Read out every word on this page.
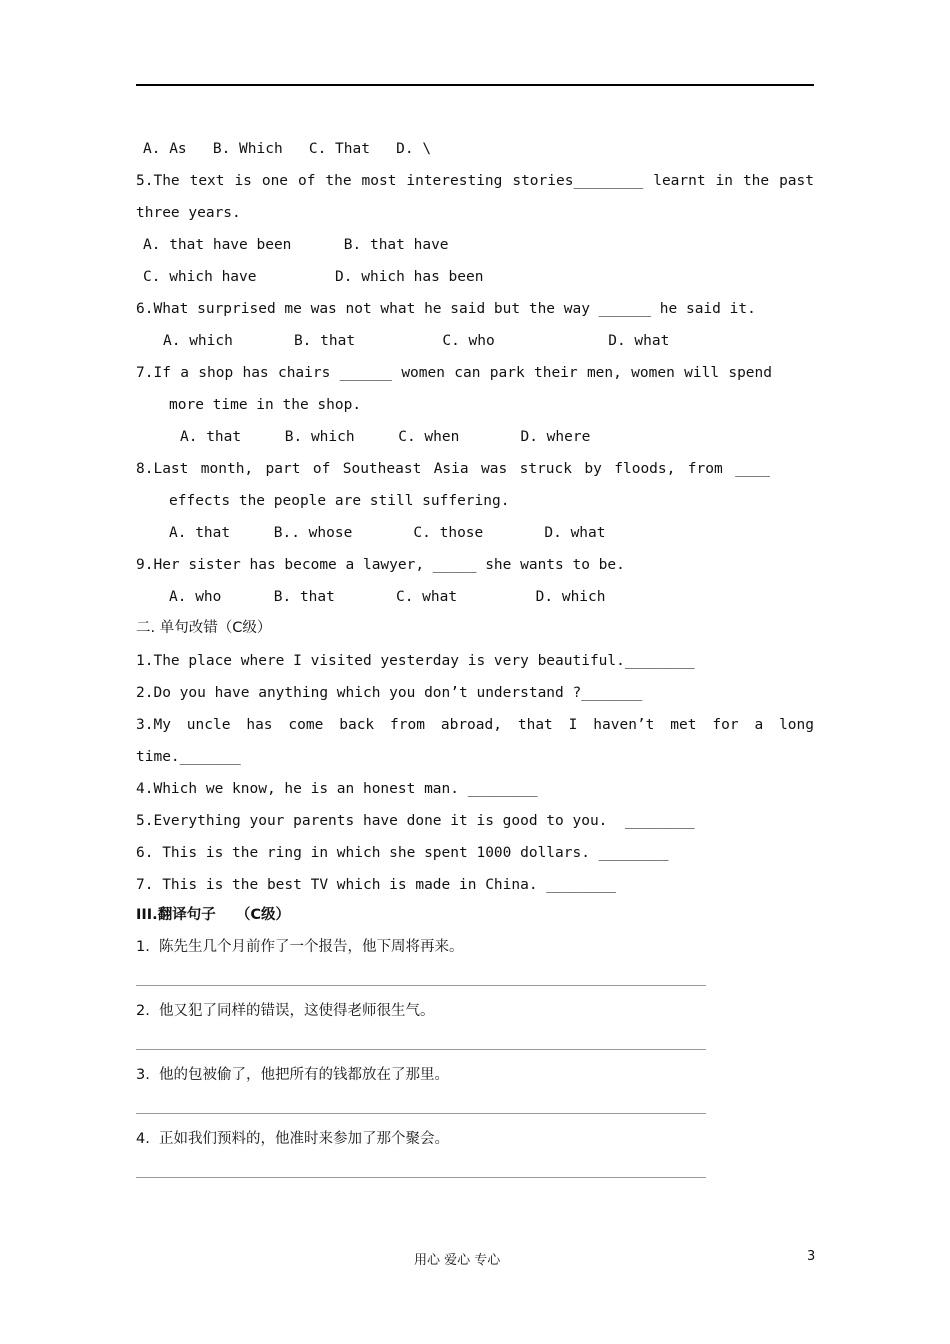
A. As   B. Which   C. That   D. \
5.The text is one of the most interesting stories________ learnt in the past
three years.
A. that have been      B. that have
C. which have         D. which has been
6.What surprised me was not what he said but the way ______ he said it.
A. which       B. that          C. who             D. what
7.If a shop has chairs ______ women can park their men, women will spend
more time in the shop.
A. that     B. which     C. when       D. where
8.Last month, part of Southeast Asia was struck by floods, from ____
effects the people are still suffering.
A. that     B.. whose       C. those       D. what
9.Her sister has become a lawyer, _____ she wants to be.
A. who      B. that       C. what         D. which
二. 单句改错（C级）
1.The place where I visited yesterday is very beautiful.________
2.Do you have anything which you don’t understand ?_______
3.My uncle has come back from abroad, that I haven’t met for a long
time._______
4.Which we know, he is an honest man. ________
5.Everything your parents have done it is good to you.  ________
6. This is the ring in which she spent 1000 dollars. ________
7. This is the best TV which is made in China. ________
III.翻译句子    （C级）
1.  陈先生几个月前作了一个报告，他下周将再来。
2.  他又犯了同样的错误，这使得老师很生气。
3.  他的包被偷了，他把所有的钱都放在了那里。
4.  正如我们预料的，他准时来参加了那个聚会。
用心 爱心 专心	3
